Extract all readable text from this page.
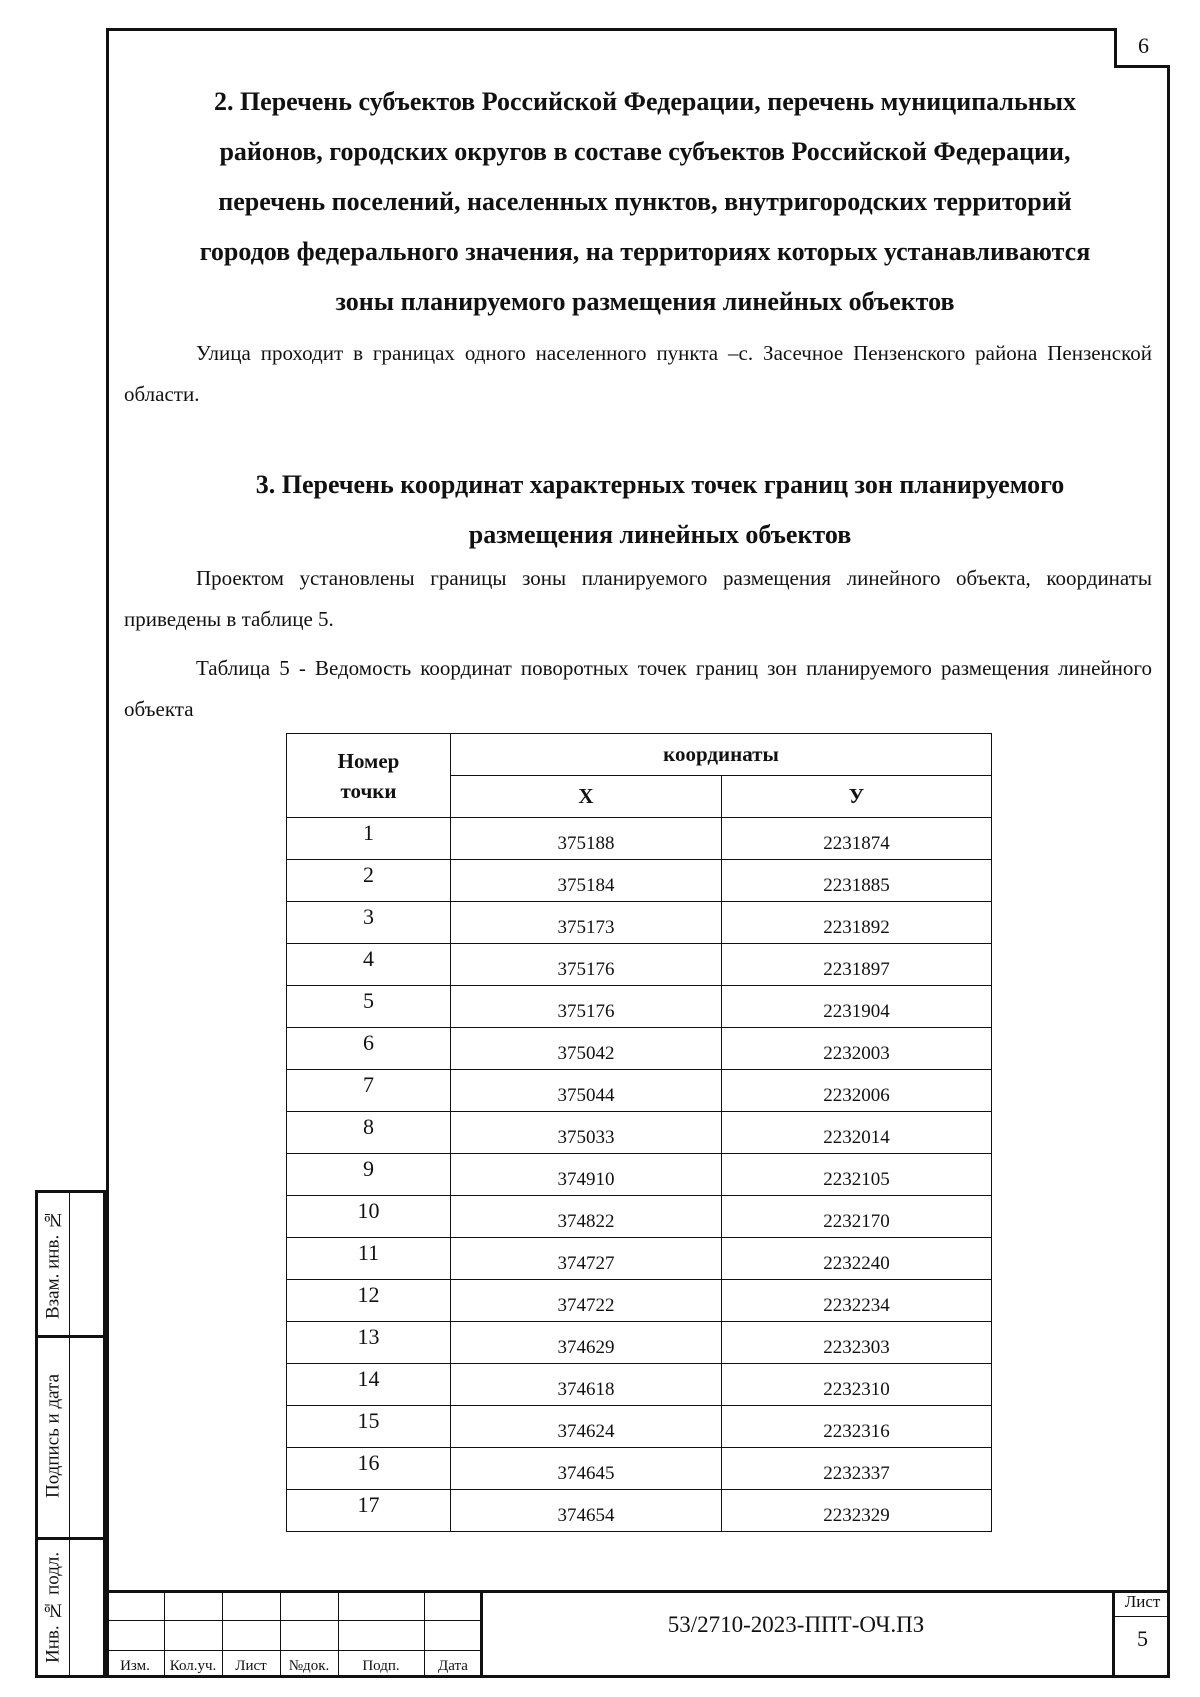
6
2. Перечень субъектов Российской Федерации, перечень муниципальных
районов, городских округов в составе субъектов Российской Федерации,
перечень поселений, населенных пунктов, внутригородских территорий
городов федерального значения, на территориях которых устанавливаются
зоны планируемого размещения линейных объектов

Улица проходит в границах одного населенного пункта –с. Засечное Пензенского района Пензенской области.

3. Перечень координат характерных точек границ зон планируемого
размещения линейных объектов

Проектом установлены границы зоны планируемого размещения линейного объекта, координаты приведены в таблице 5.

Таблица 5 - Ведомость координат поворотных точек границ зон планируемого размещения линейного объекта

Номер	координаты	
точки	Х	У
1	375188	2231874
2	375184	2231885
3	375173	2231892
4	375176	2231897
5	375176	2231904
6	375042	2232003
7	375044	2232006
8	375033	2232014
9	374910	2232105
10	374822	2232170
11	374727	2232240
12	374722	2232234
13	374629	2232303
14	374618	2232310
15	374624	2232316
16	374645	2232337
17	374654	2232329
Взам. инв. №
Подпись и дата
Инв. № подл.
Изм.	Кол.уч.	Лист	№док.	Подп.	Дата
53/2710-2023-ППТ-ОЧ.ПЗ
Лист
5
